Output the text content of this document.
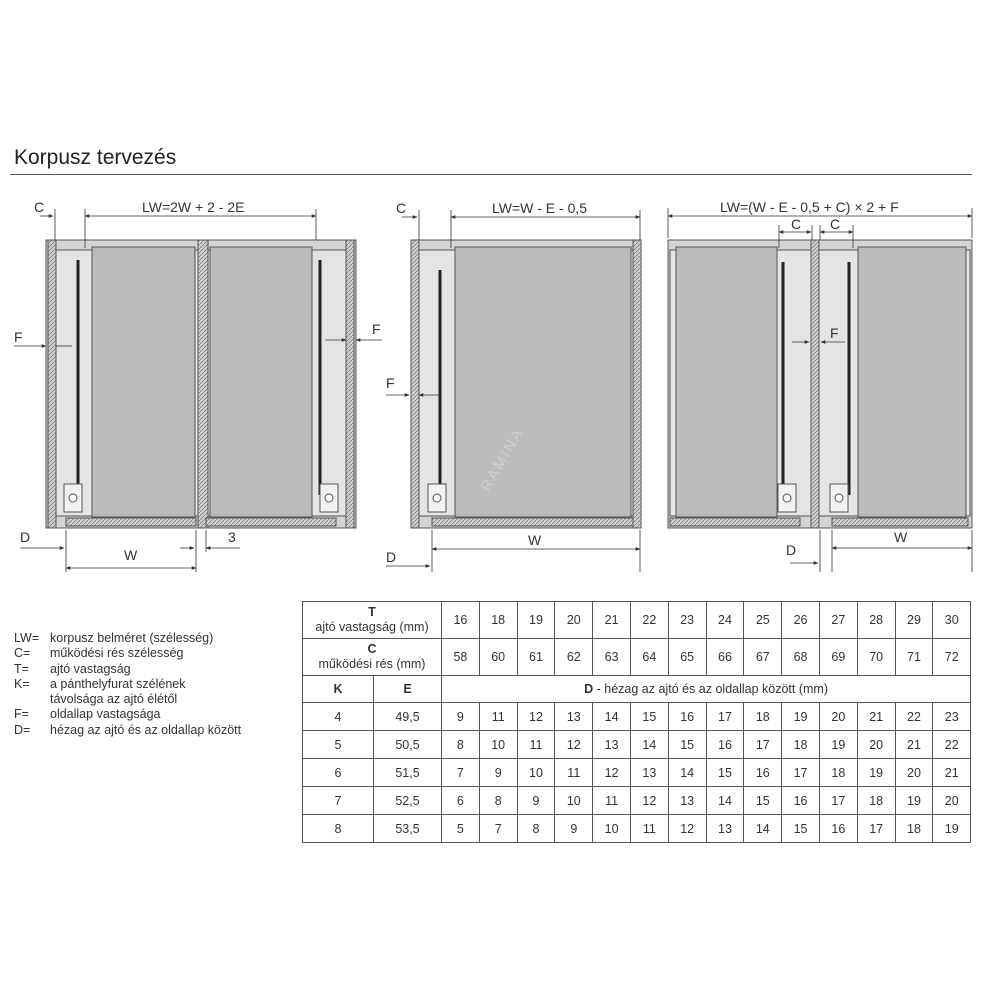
Korpusz tervezés
C	LW=2W + 2 - 2E
F	F
D
W
3
C	LW=W - E - 0,5
F
D
W
RAMINA
LW=(W - E - 0,5 + C) × 2 + F
C C
F
D
W
LW= korpusz belméret (szélesség)
C=	működési rés szélesség
T=	ajtó vastagság
K=	a pánthelyfurat szélének
távolsága az ajtó élétől
F=	oldallap vastagsága
D=	hézag az ajtó és az oldallap között
T
ajtó vastagság (mm)		16	18	19	20	21	22	23	24	25	26	27	28	29	30
C
működési rés (mm)		58	60	61	62	63	64	65	66	67	68	69	70	71	72
K	E	D - hézag az ajtó és az oldallap között (mm)													
4	49,5	9	11	12	13	14	15	16	17	18	19	20	21	22	23
5	50,5	8	10	11	12	13	14	15	16	17	18	19	20	21	22
6	51,5	7	9	10	11	12	13	14	15	16	17	18	19	20	21
7	52,5	6	8	9	10	11	12	13	14	15	16	17	18	19	20
8	53,5	5	7	8	9	10	11	12	13	14	15	16	17	18	19
